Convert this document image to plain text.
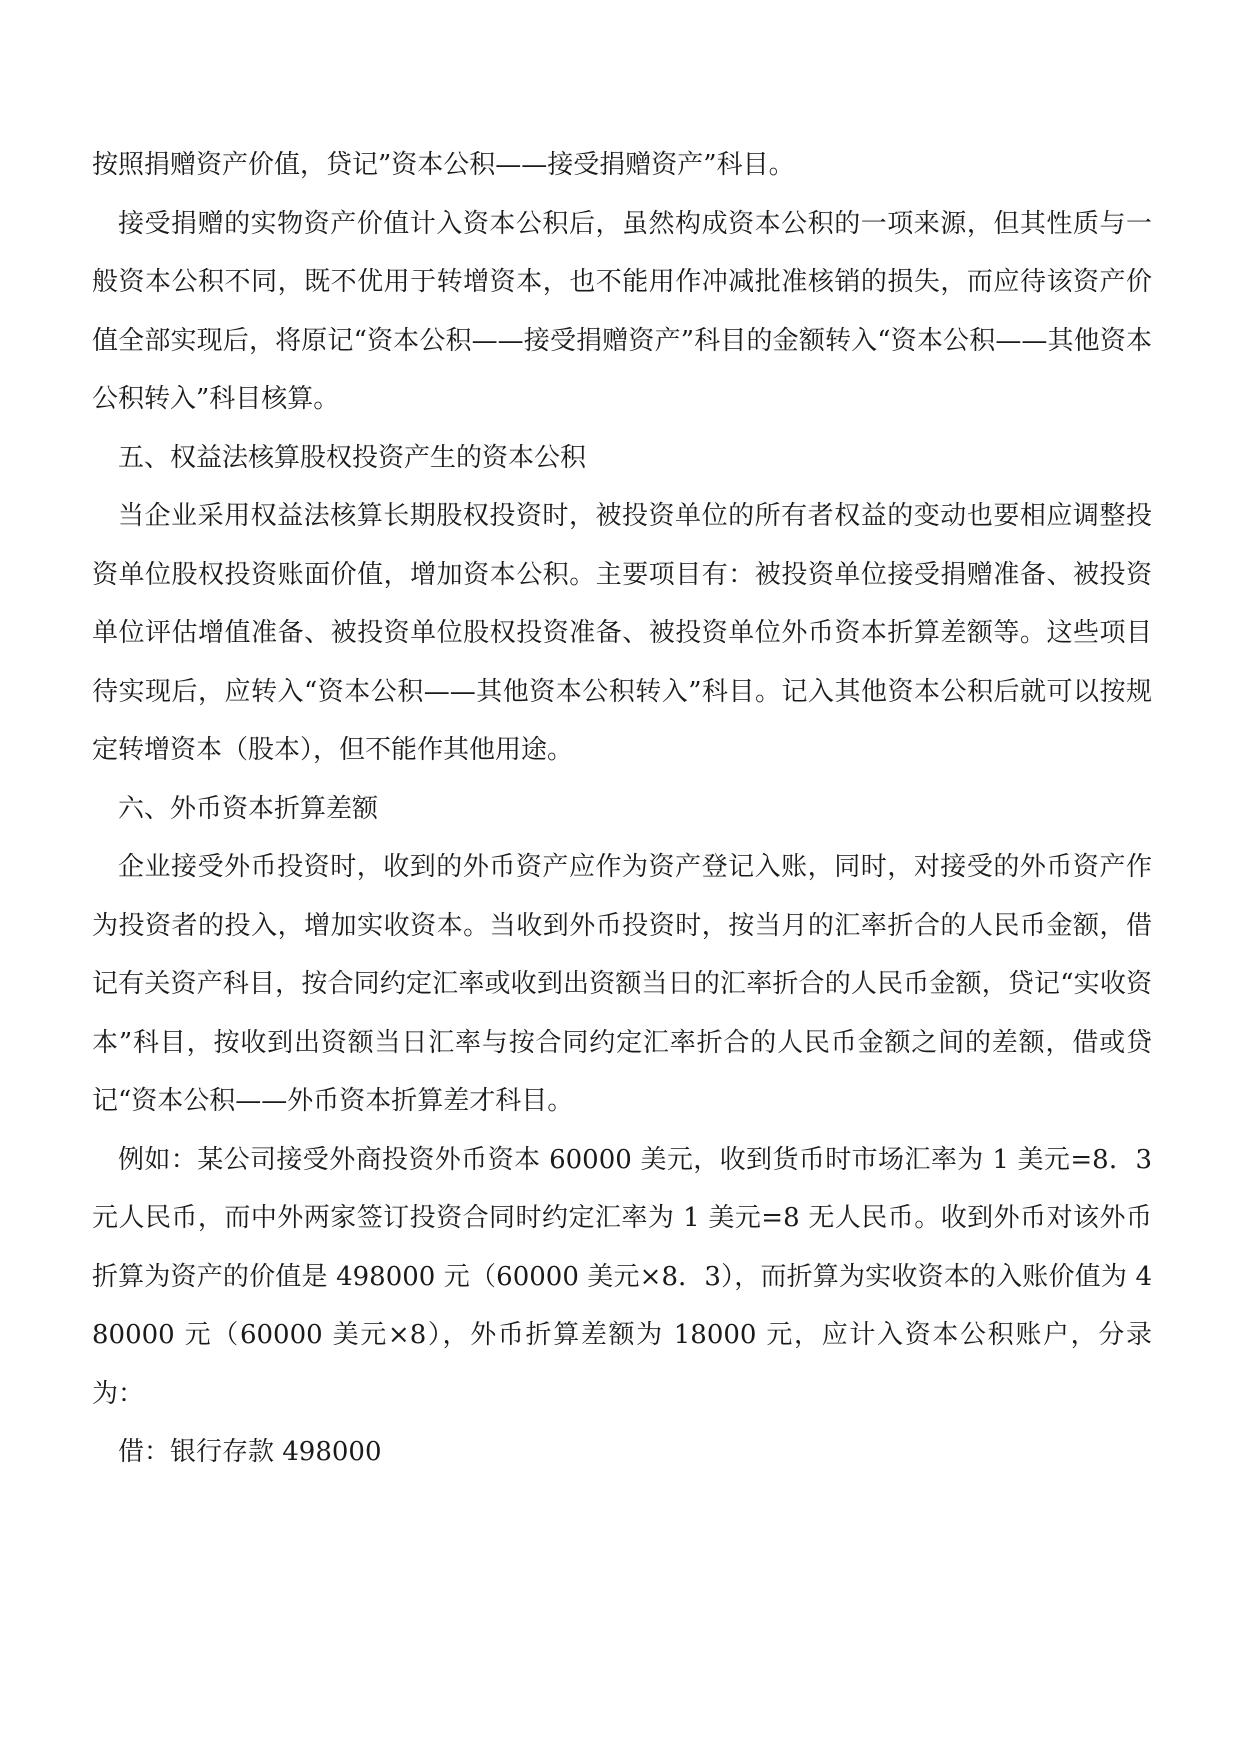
按照捐赠资产价值，贷记”资本公积——接受捐赠资产”科目。

接受捐赠的实物资产价值计入资本公积后，虽然构成资本公积的一项来源，但其性质与一般资本公积不同，既不优用于转增资本，也不能用作冲减批准核销的损失，而应待该资产价值全部实现后，将原记“资本公积——接受捐赠资产”科目的金额转入“资本公积——其他资本公积转入”科目核算。

五、权益法核算股权投资产生的资本公积

当企业采用权益法核算长期股权投资时，被投资单位的所有者权益的变动也要相应调整投资单位股权投资账面价值，增加资本公积。主要项目有：被投资单位接受捐赠准备、被投资单位评估增值准备、被投资单位股权投资准备、被投资单位外币资本折算差额等。这些项目待实现后，应转入“资本公积——其他资本公积转入”科目。记入其他资本公积后就可以按规定转增资本（股本），但不能作其他用途。

六、外币资本折算差额

企业接受外币投资时，收到的外币资产应作为资产登记入账，同时，对接受的外币资产作为投资者的投入，增加实收资本。当收到外币投资时，按当月的汇率折合的人民币金额，借记有关资产科目，按合同约定汇率或收到出资额当日的汇率折合的人民币金额，贷记“实收资本”科目，按收到出资额当日汇率与按合同约定汇率折合的人民币金额之间的差额，借或贷记“资本公积——外币资本折算差才科目。

例如：某公司接受外商投资外币资本 60000 美元，收到货币时市场汇率为 1 美元=8．3 元人民币，而中外两家签订投资合同时约定汇率为 1 美元=8 无人民币。收到外币对该外币折算为资产的价值是 498000 元（60000 美元×8．3），而折算为实收资本的入账价值为 480000 元（60000 美元×8），外币折算差额为 18000 元，应计入资本公积账户，分录为：

借：银行存款 498000
